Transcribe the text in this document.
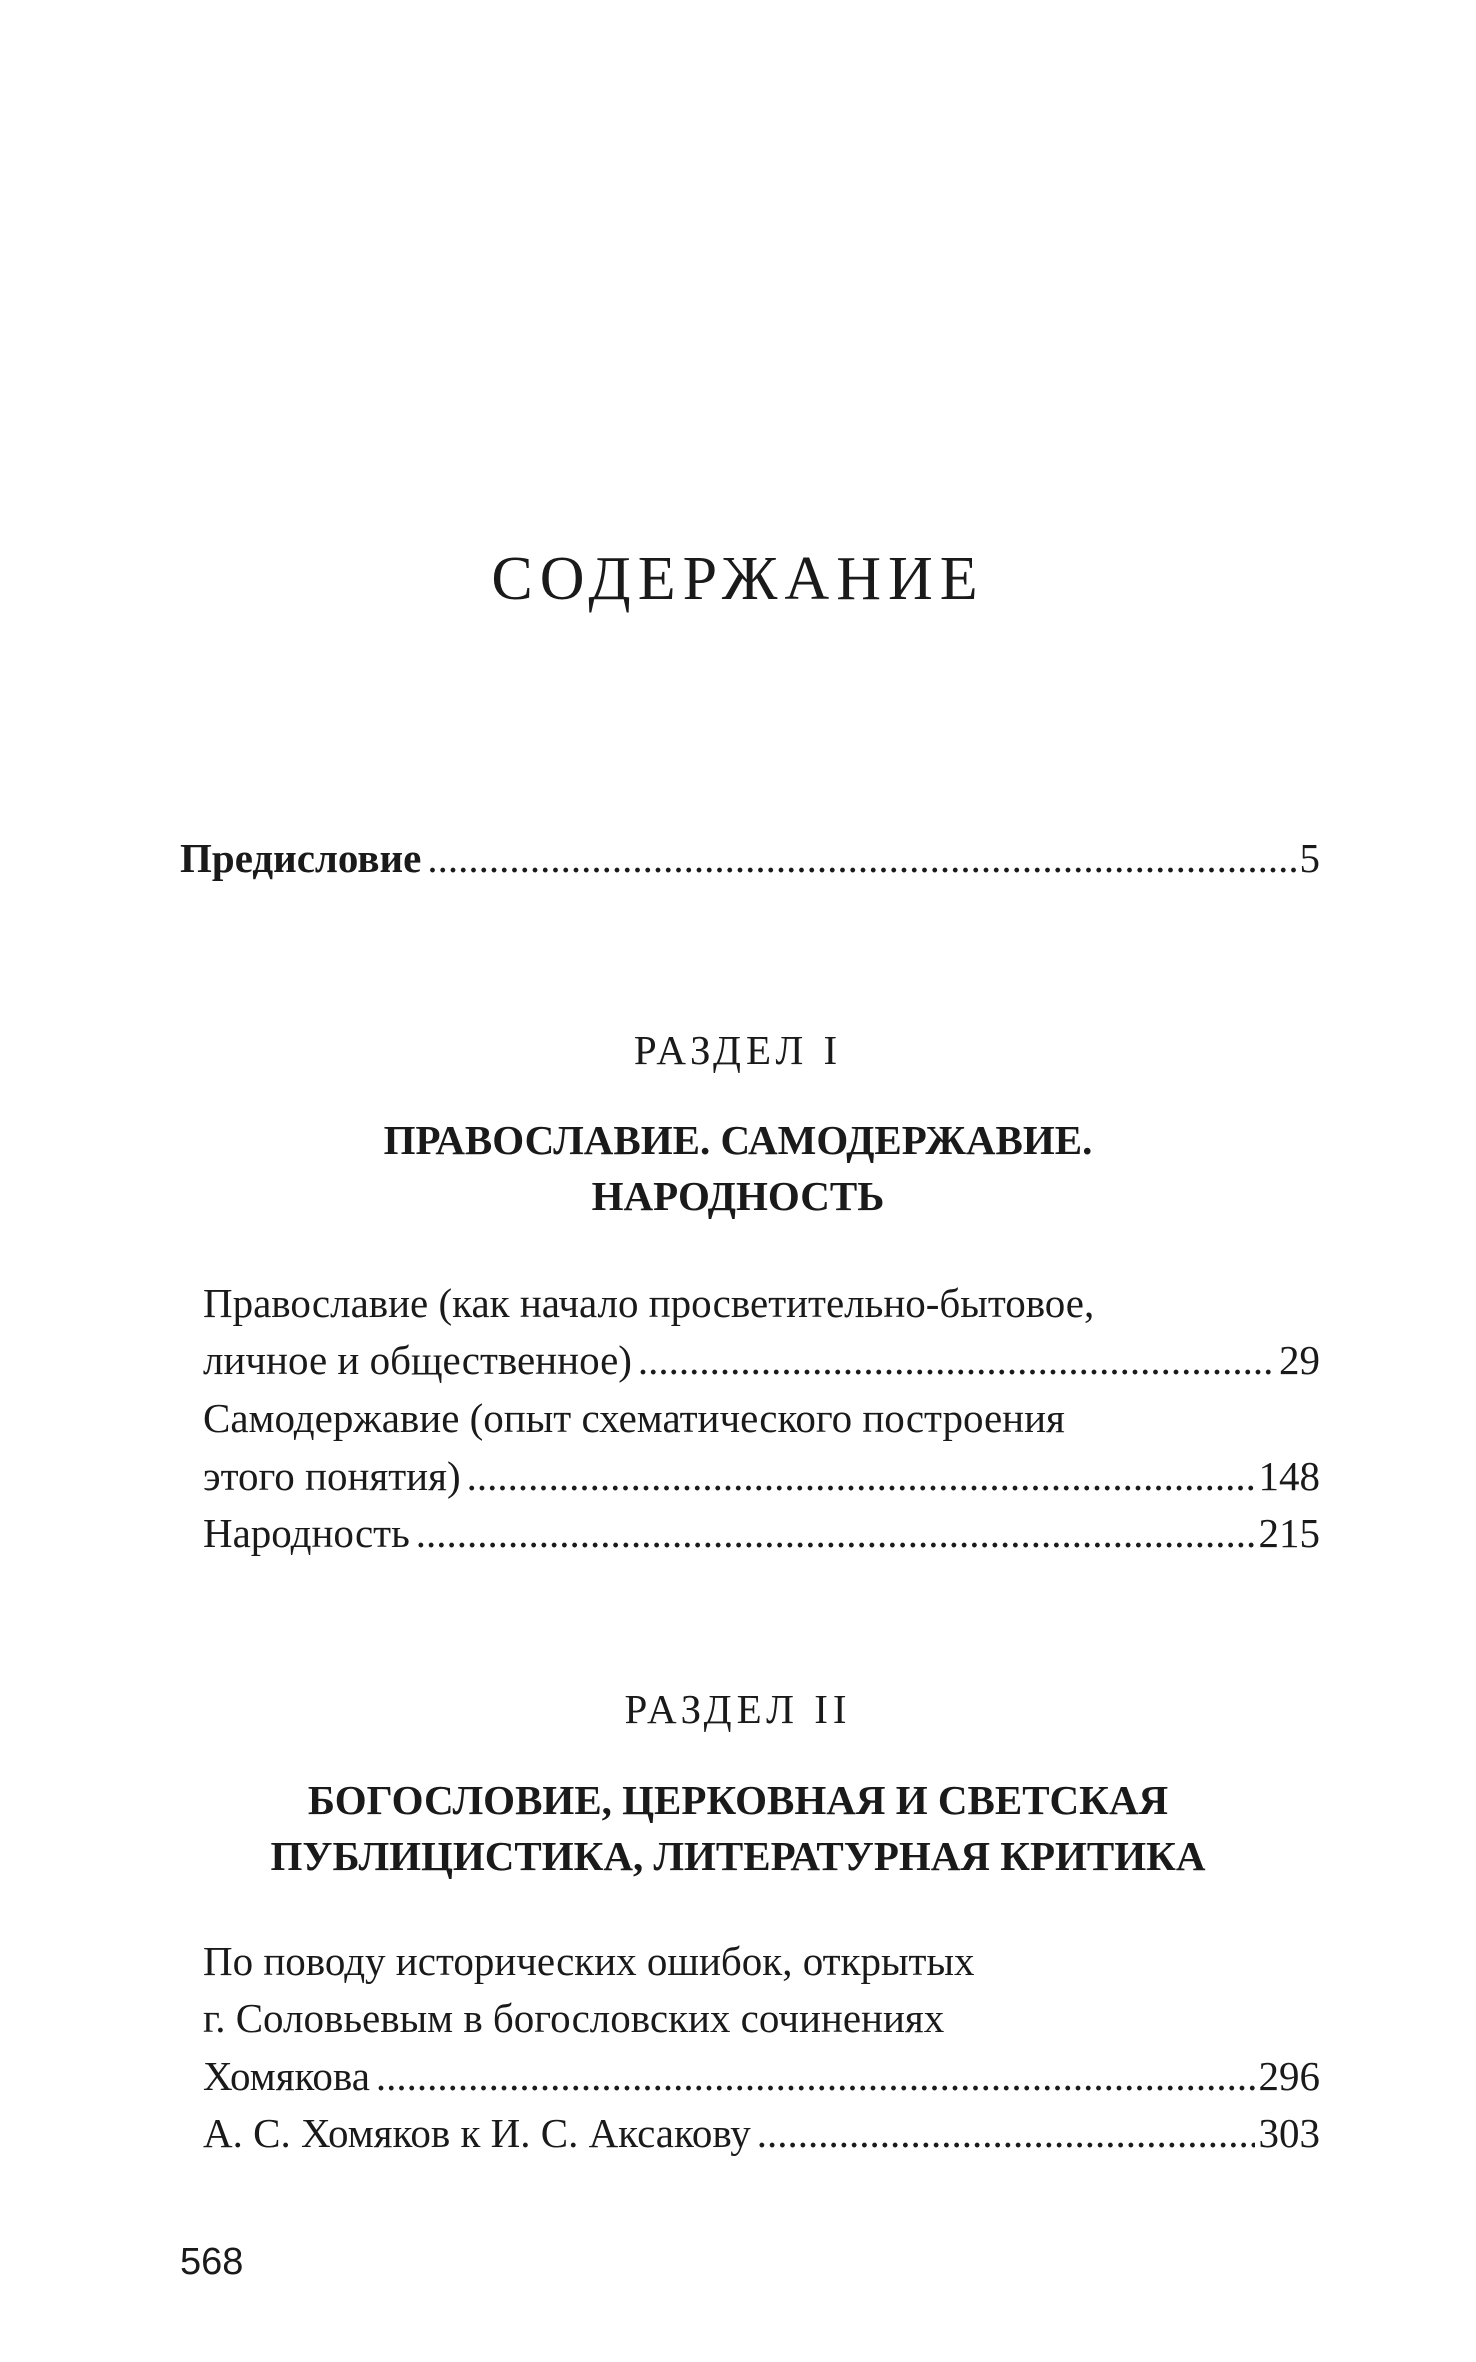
СОДЕРЖАНИЕ
Предисловие .....	5
РАЗДЕЛ I
ПРАВОСЛАВИЕ. САМОДЕРЖАВИЕ.
НАРОДНОСТЬ
Православие (как начало просветительно-бытовое,
личное и общественное) .....	29
Самодержавие (опыт схематического построения
этого понятия) .....	148
Народность .....	215
РАЗДЕЛ II
БОГОСЛОВИЕ, ЦЕРКОВНАЯ И СВЕТСКАЯ
ПУБЛИЦИСТИКА, ЛИТЕРАТУРНАЯ КРИТИКА
По поводу исторических ошибок, открытых
г. Соловьевым в богословских сочинениях
Хомякова .....	296
А. С. Хомяков к И. С. Аксакову .....	303
568
